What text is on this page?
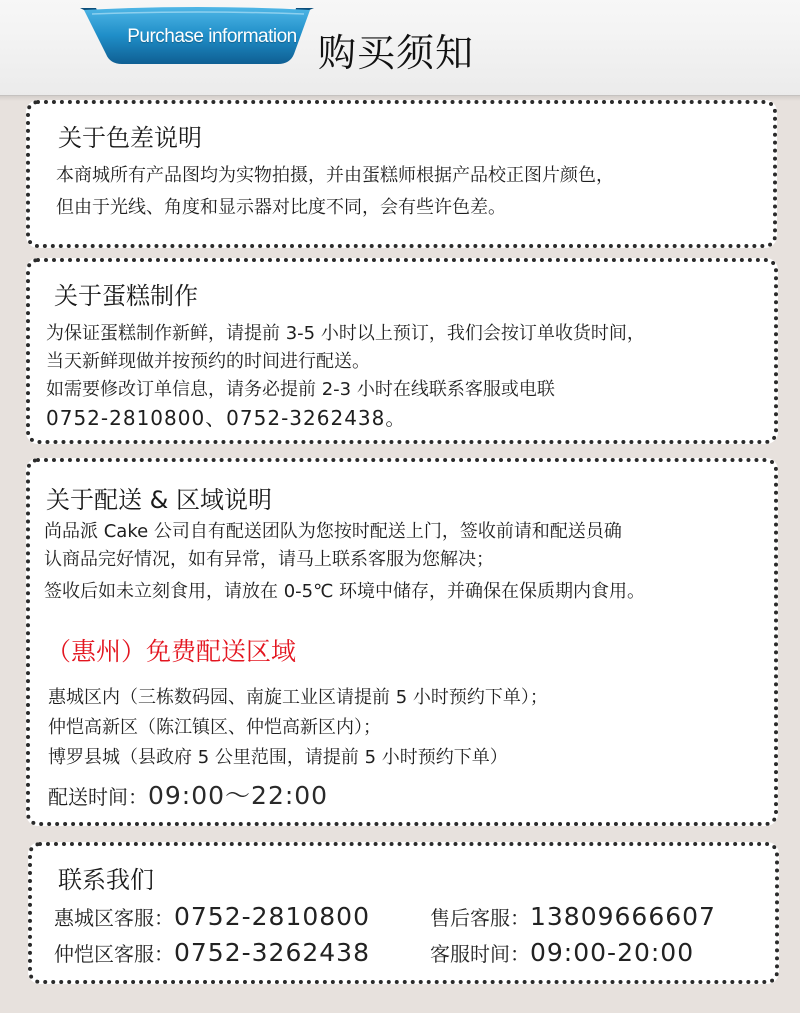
Purchase information 购买须知
关于色差说明
本商城所有产品图均为实物拍摄，并由蛋糕师根据产品校正图片颜色，
但由于光线、角度和显示器对比度不同，会有些许色差。
关于蛋糕制作
为保证蛋糕制作新鲜，请提前 3-5 小时以上预订，我们会按订单收货时间，
当天新鲜现做并按预约的时间进行配送。
如需要修改订单信息，请务必提前 2-3 小时在线联系客服或电联
0752-2810800、0752-3262438。
关于配送 & 区域说明
尚品派 Cake 公司自有配送团队为您按时配送上门，签收前请和配送员确
认商品完好情况，如有异常，请马上联系客服为您解决；
签收后如未立刻食用，请放在 0-5℃ 环境中储存，并确保在保质期内食用。
（惠州）免费配送区域
惠城区内（三栋数码园、南旋工业区请提前 5 小时预约下单）；
仲恺高新区（陈江镇区、仲恺高新区内）；
博罗县城（县政府 5 公里范围，请提前 5 小时预约下单）
配送时间：09:00～22:00
联系我们
惠城区客服：0752-2810800
仲恺区客服：0752-3262438
售后客服：13809666607
客服时间：09:00-20:00
